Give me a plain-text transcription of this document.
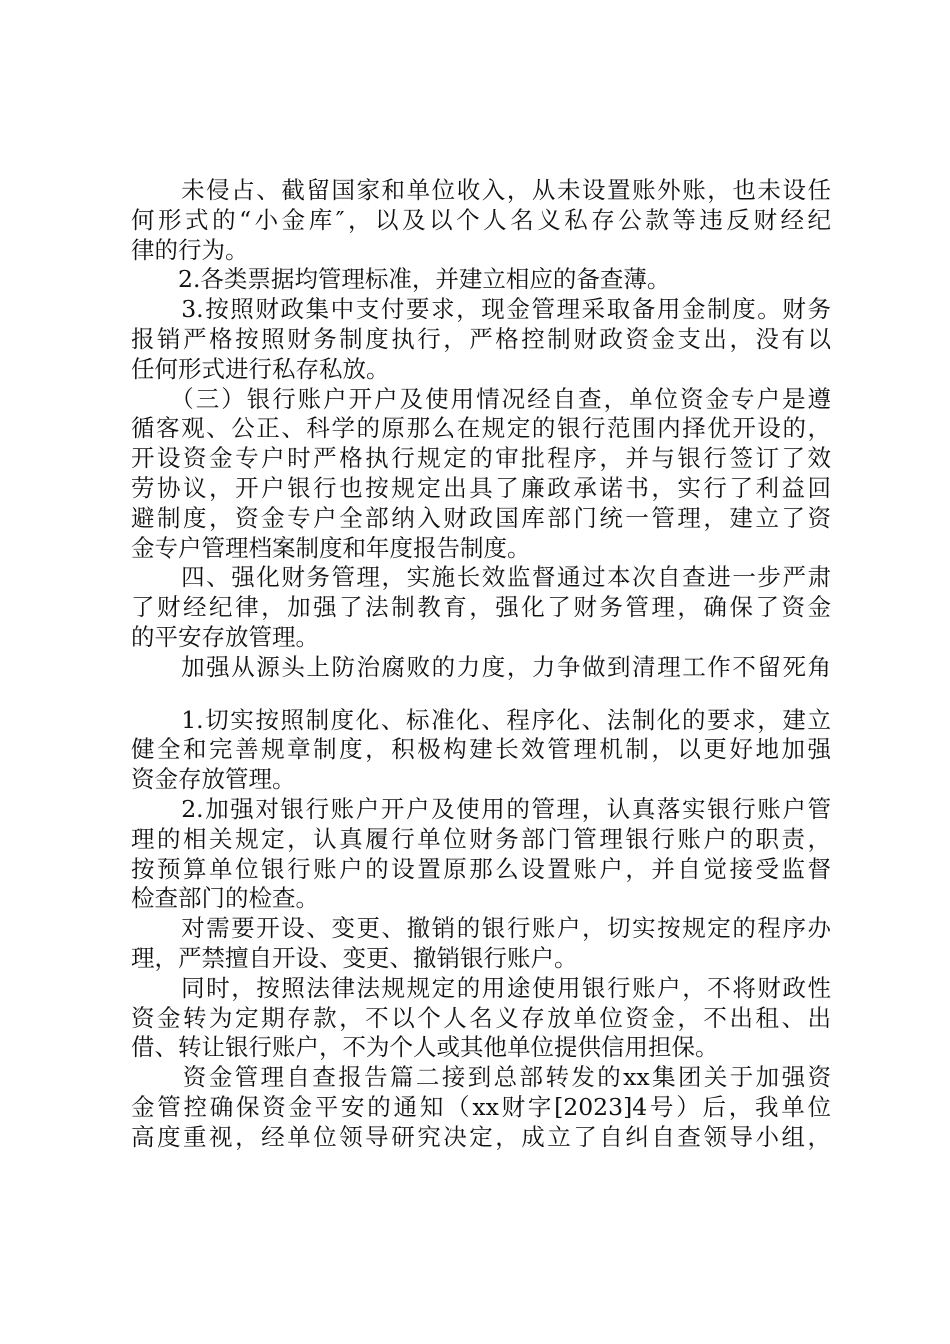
　　未侵占、截留国家和单位收入，从未设置账外账，也未设任
何形式的“小金库″，以及以个人名义私存公款等违反财经纪
律的行为。
　　2.各类票据均管理标准，并建立相应的备查薄。
　　3.按照财政集中支付要求，现金管理采取备用金制度。财务
报销严格按照财务制度执行，严格控制财政资金支出，没有以
任何形式进行私存私放。
　　（三）银行账户开户及使用情况经自查，单位资金专户是遵
循客观、公正、科学的原那么在规定的银行范围内择优开设的，
开设资金专户时严格执行规定的审批程序，并与银行签订了效
劳协议，开户银行也按规定出具了廉政承诺书，实行了利益回
避制度，资金专户全部纳入财政国库部门统一管理，建立了资
金专户管理档案制度和年度报告制度。
　　四、强化财务管理，实施长效监督通过本次自查进一步严肃
了财经纪律，加强了法制教育，强化了财务管理，确保了资金
的平安存放管理。
　　加强从源头上防治腐败的力度，力争做到清理工作不留死角
　　1.切实按照制度化、标准化、程序化、法制化的要求，建立
健全和完善规章制度，积极构建长效管理机制，以更好地加强
资金存放管理。
　　2.加强对银行账户开户及使用的管理，认真落实银行账户管
理的相关规定，认真履行单位财务部门管理银行账户的职责，
按预算单位银行账户的设置原那么设置账户，并自觉接受监督
检查部门的检查。
　　对需要开设、变更、撤销的银行账户，切实按规定的程序办
理，严禁擅自开设、变更、撤销银行账户。
　　同时，按照法律法规规定的用途使用银行账户，不将财政性
资金转为定期存款，不以个人名义存放单位资金，不出租、出
借、转让银行账户，不为个人或其他单位提供信用担保。
　　资金管理自查报告篇二接到总部转发的xx集团关于加强资
金管控确保资金平安的通知（xx财字[2023]4号）后，我单位
高度重视，经单位领导研究决定，成立了自纠自查领导小组，
